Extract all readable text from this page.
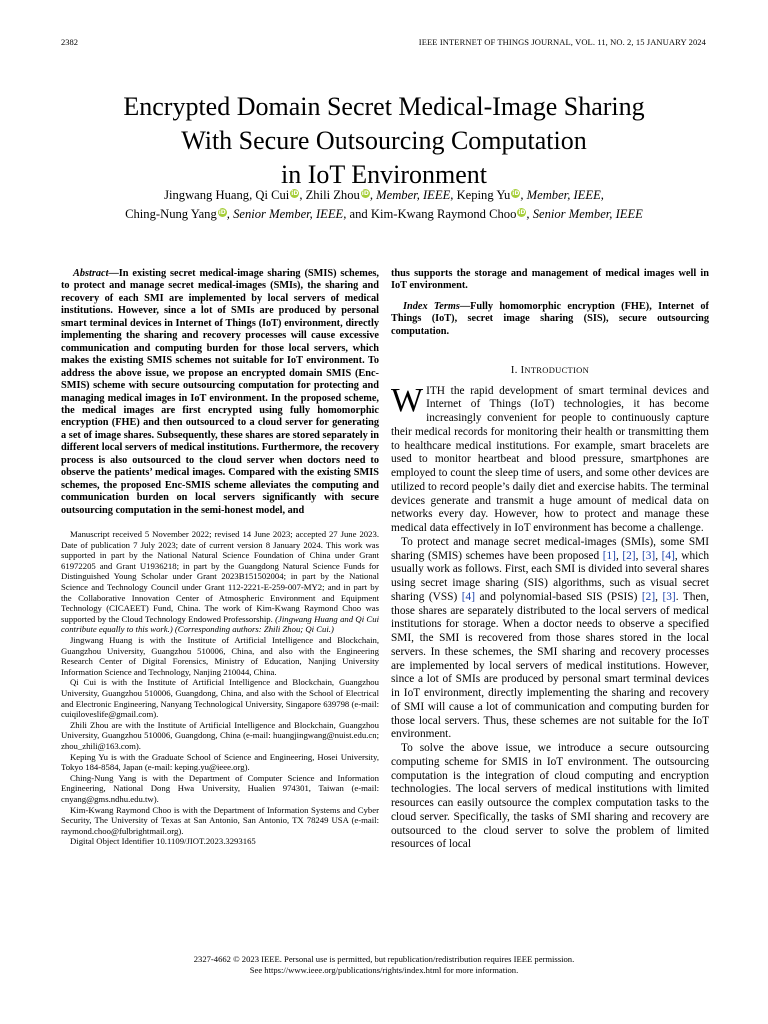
2382	IEEE INTERNET OF THINGS JOURNAL, VOL. 11, NO. 2, 15 JANUARY 2024
Encrypted Domain Secret Medical-Image Sharing
With Secure Outsourcing Computation
in IoT Environment
Jingwang Huang, Qi Cui iD, Zhili Zhou iD, Member, IEEE, Keping Yu iD, Member, IEEE,
Ching-Nung Yang iD, Senior Member, IEEE, and Kim-Kwang Raymond Choo iD, Senior Member, IEEE

Abstract—In existing secret medical-image sharing (SMIS) schemes, to protect and manage secret medical-images (SMIs), the sharing and recovery of each SMI are implemented by local servers of medical institutions. However, since a lot of SMIs are produced by personal smart terminal devices in Internet of Things (IoT) environment, directly implementing the sharing and recovery processes will cause excessive communication and computing burden for those local servers, which makes the existing SMIS schemes not suitable for IoT environment. To address the above issue, we propose an encrypted domain SMIS (Enc-SMIS) scheme with secure outsourcing computation for protecting and managing medical images in IoT environment. In the proposed scheme, the medical images are first encrypted using fully homomorphic encryption (FHE) and then outsourced to a cloud server for generating a set of image shares. Subsequently, these shares are stored separately in different local servers of medical institutions. Furthermore, the recovery process is also outsourced to the cloud server when doctors need to observe the patients’ medical images. Compared with the existing SMIS schemes, the proposed Enc-SMIS scheme alleviates the computing and communication burden on local servers significantly with secure outsourcing computation in the semi-honest model, and

Manuscript received 5 November 2022; revised 14 June 2023; accepted 27 June 2023. Date of publication 7 July 2023; date of current version 8 January 2024. This work was supported in part by the National Natural Science Foundation of China under Grant 61972205 and Grant U1936218; in part by the Guangdong Natural Science Funds for Distinguished Young Scholar under Grant 2023B151502004; in part by the National Science and Technology Council under Grant 112-2221-E-259-007-MY2; and in part by the Collaborative Innovation Center of Atmospheric Environment and Equipment Technology (CICAEET) Fund, China. The work of Kim-Kwang Raymond Choo was supported by the Cloud Technology Endowed Professorship. (Jingwang Huang and Qi Cui contribute equally to this work.) (Corresponding authors: Zhili Zhou; Qi Cui.)

Jingwang Huang is with the Institute of Artificial Intelligence and Blockchain, Guangzhou University, Guangzhou 510006, China, and also with the Engineering Research Center of Digital Forensics, Ministry of Education, Nanjing University Information Science and Technology, Nanjing 210044, China.

Qi Cui is with the Institute of Artificial Intelligence and Blockchain, Guangzhou University, Guangzhou 510006, Guangdong, China, and also with the School of Electrical and Electronic Engineering, Nanyang Technological University, Singapore 639798 (e-mail: cuiqiloveslife@gmail.com).

Zhili Zhou are with the Institute of Artificial Intelligence and Blockchain, Guangzhou University, Guangzhou 510006, Guangdong, China (e-mail: huangjingwang@nuist.edu.cn; zhou_zhili@163.com).

Keping Yu is with the Graduate School of Science and Engineering, Hosei University, Tokyo 184-8584, Japan (e-mail: keping.yu@ieee.org).

Ching-Nung Yang is with the Department of Computer Science and Information Engineering, National Dong Hwa University, Hualien 974301, Taiwan (e-mail: cnyang@gms.ndhu.edu.tw).

Kim-Kwang Raymond Choo is with the Department of Information Systems and Cyber Security, The University of Texas at San Antonio, San Antonio, TX 78249 USA (e-mail: raymond.choo@fulbrightmail.org).

Digital Object Identifier 10.1109/JIOT.2023.3293165

thus supports the storage and management of medical images well in IoT environment.

Index Terms—Fully homomorphic encryption (FHE), Internet of Things (IoT), secret image sharing (SIS), secure outsourcing computation.

I. INTRODUCTION

WITH the rapid development of smart terminal devices and Internet of Things (IoT) technologies, it has become increasingly convenient for people to continuously capture their medical records for monitoring their health or transmitting them to healthcare medical institutions. For example, smart bracelets are used to monitor heartbeat and blood pressure, smartphones are employed to count the sleep time of users, and some other devices are utilized to record people’s daily diet and exercise habits. The terminal devices generate and transmit a huge amount of medical data on networks every day. However, how to protect and manage these medical data effectively in IoT environment has become a challenge.

To protect and manage secret medical-images (SMIs), some SMI sharing (SMIS) schemes have been proposed [1], [2], [3], [4], which usually work as follows. First, each SMI is divided into several shares using secret image sharing (SIS) algorithms, such as visual secret sharing (VSS) [4] and polynomial-based SIS (PSIS) [2], [3]. Then, those shares are separately distributed to the local servers of medical institutions for storage. When a doctor needs to observe a specified SMI, the SMI is recovered from those shares stored in the local servers. In these schemes, the SMI sharing and recovery processes are implemented by local servers of medical institutions. However, since a lot of SMIs are produced by personal smart terminal devices in IoT environment, directly implementing the sharing and recovery of SMI will cause a lot of communication and computing burden for those local servers. Thus, these schemes are not suitable for the IoT environment.

To solve the above issue, we introduce a secure outsourcing computing scheme for SMIS in IoT environment. The outsourcing computation is the integration of cloud computing and encryption technologies. The local servers of medical institutions with limited resources can easily outsource the complex computation tasks to the cloud server. Specifically, the tasks of SMI sharing and recovery are outsourced to the cloud server to solve the problem of limited resources of local

2327-4662 © 2023 IEEE. Personal use is permitted, but republication/redistribution requires IEEE permission.
See https://www.ieee.org/publications/rights/index.html for more information.
